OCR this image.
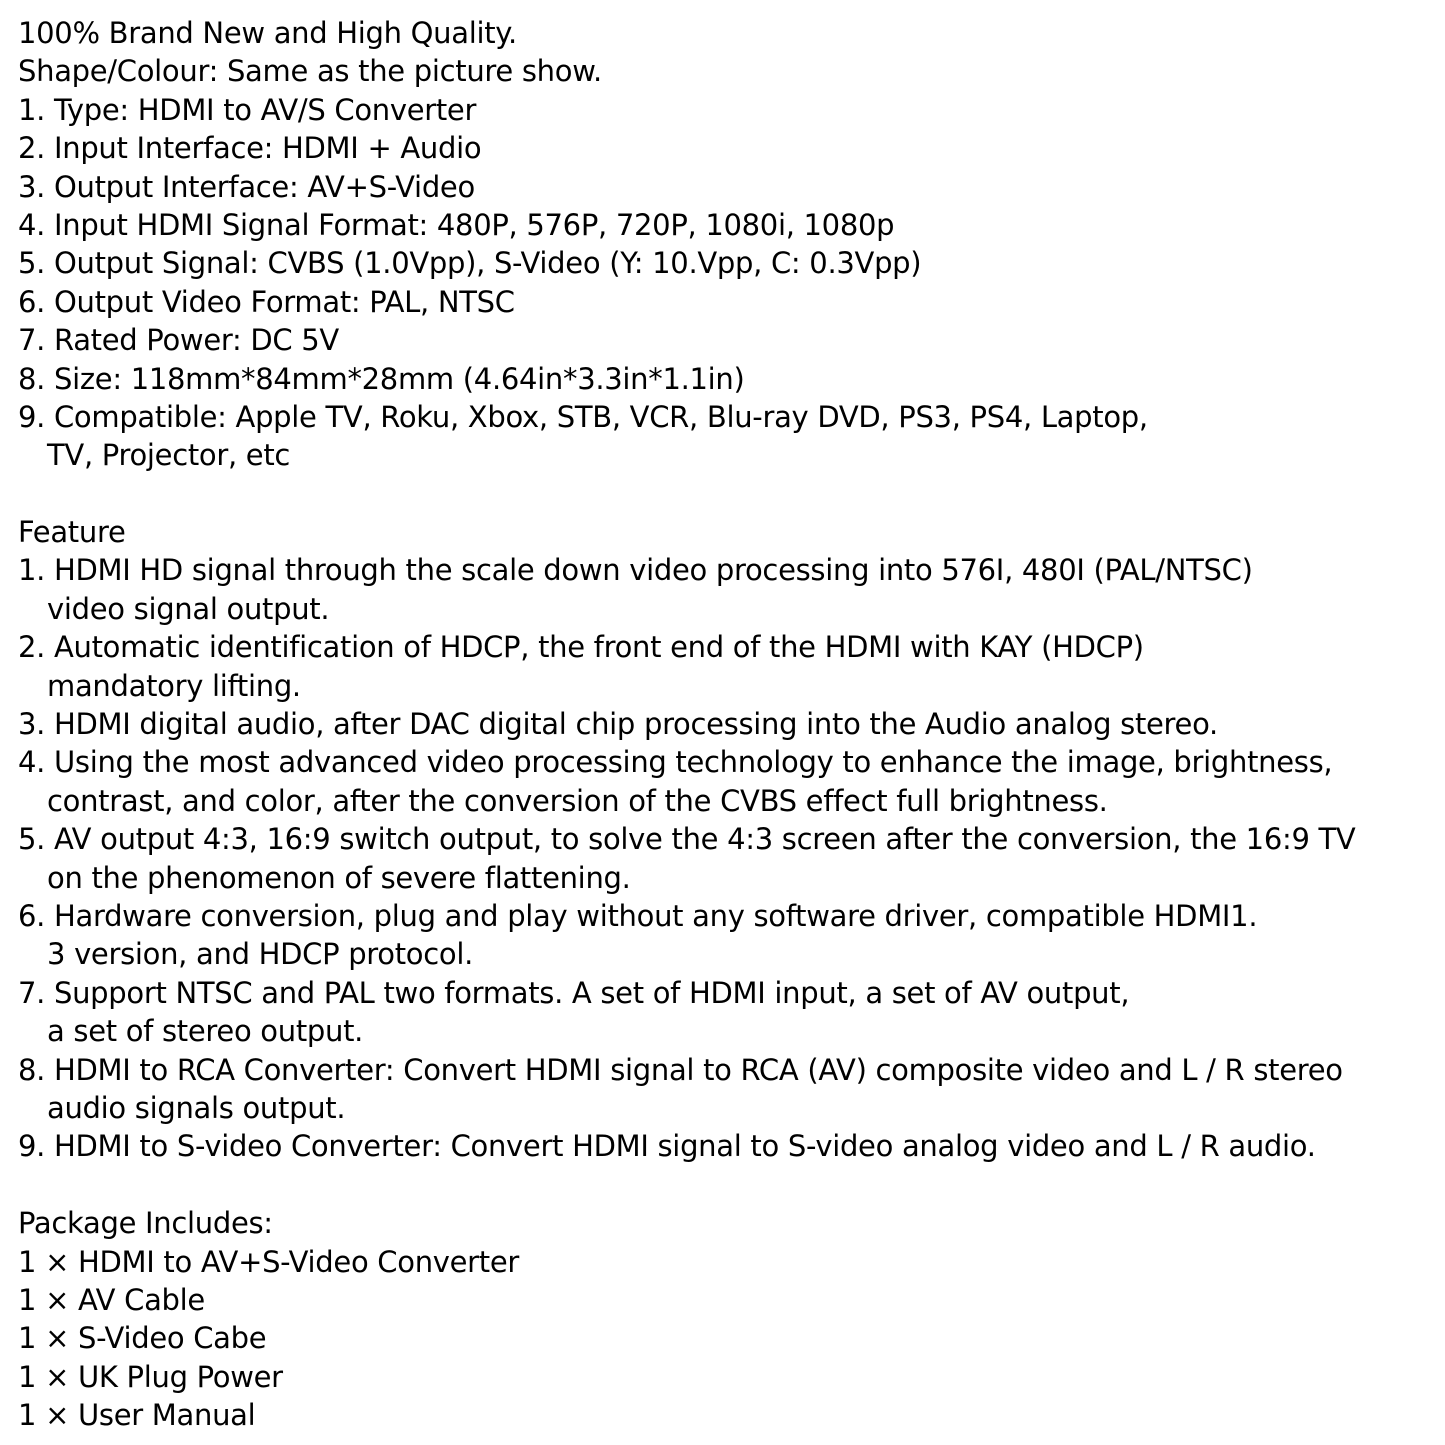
100% Brand New and High Quality.
Shape/Colour: Same as the picture show.
1. Type: HDMI to AV/S Converter
2. Input Interface: HDMI + Audio
3. Output Interface: AV+S-Video
4. Input HDMI Signal Format: 480P, 576P, 720P, 1080i, 1080p
5. Output Signal: CVBS (1.0Vpp), S-Video (Y: 10.Vpp, C: 0.3Vpp)
6. Output Video Format: PAL, NTSC
7. Rated Power: DC 5V
8. Size: 118mm*84mm*28mm (4.64in*3.3in*1.1in)
9. Compatible: Apple TV, Roku, Xbox, STB, VCR, Blu-ray DVD, PS3, PS4, Laptop,
TV, Projector, etc
Feature
1. HDMI HD signal through the scale down video processing into 576I, 480I (PAL/NTSC)
video signal output.
2. Automatic identification of HDCP, the front end of the HDMI with KAY (HDCP)
mandatory lifting.
3. HDMI digital audio, after DAC digital chip processing into the Audio analog stereo.
4. Using the most advanced video processing technology to enhance the image, brightness,
contrast, and color, after the conversion of the CVBS effect full brightness.
5. AV output 4:3, 16:9 switch output, to solve the 4:3 screen after the conversion, the 16:9 TV
on the phenomenon of severe flattening.
6. Hardware conversion, plug and play without any software driver, compatible HDMI1.
3 version, and HDCP protocol.
7. Support NTSC and PAL two formats. A set of HDMI input, a set of AV output,
a set of stereo output.
8. HDMI to RCA Converter: Convert HDMI signal to RCA (AV) composite video and L / R stereo
audio signals output.
9. HDMI to S-video Converter: Convert HDMI signal to S-video analog video and L / R audio.
Package Includes:
1 × HDMI to AV+S-Video Converter
1 × AV Cable
1 × S-Video Cabe
1 × UK Plug Power
1 × User Manual
